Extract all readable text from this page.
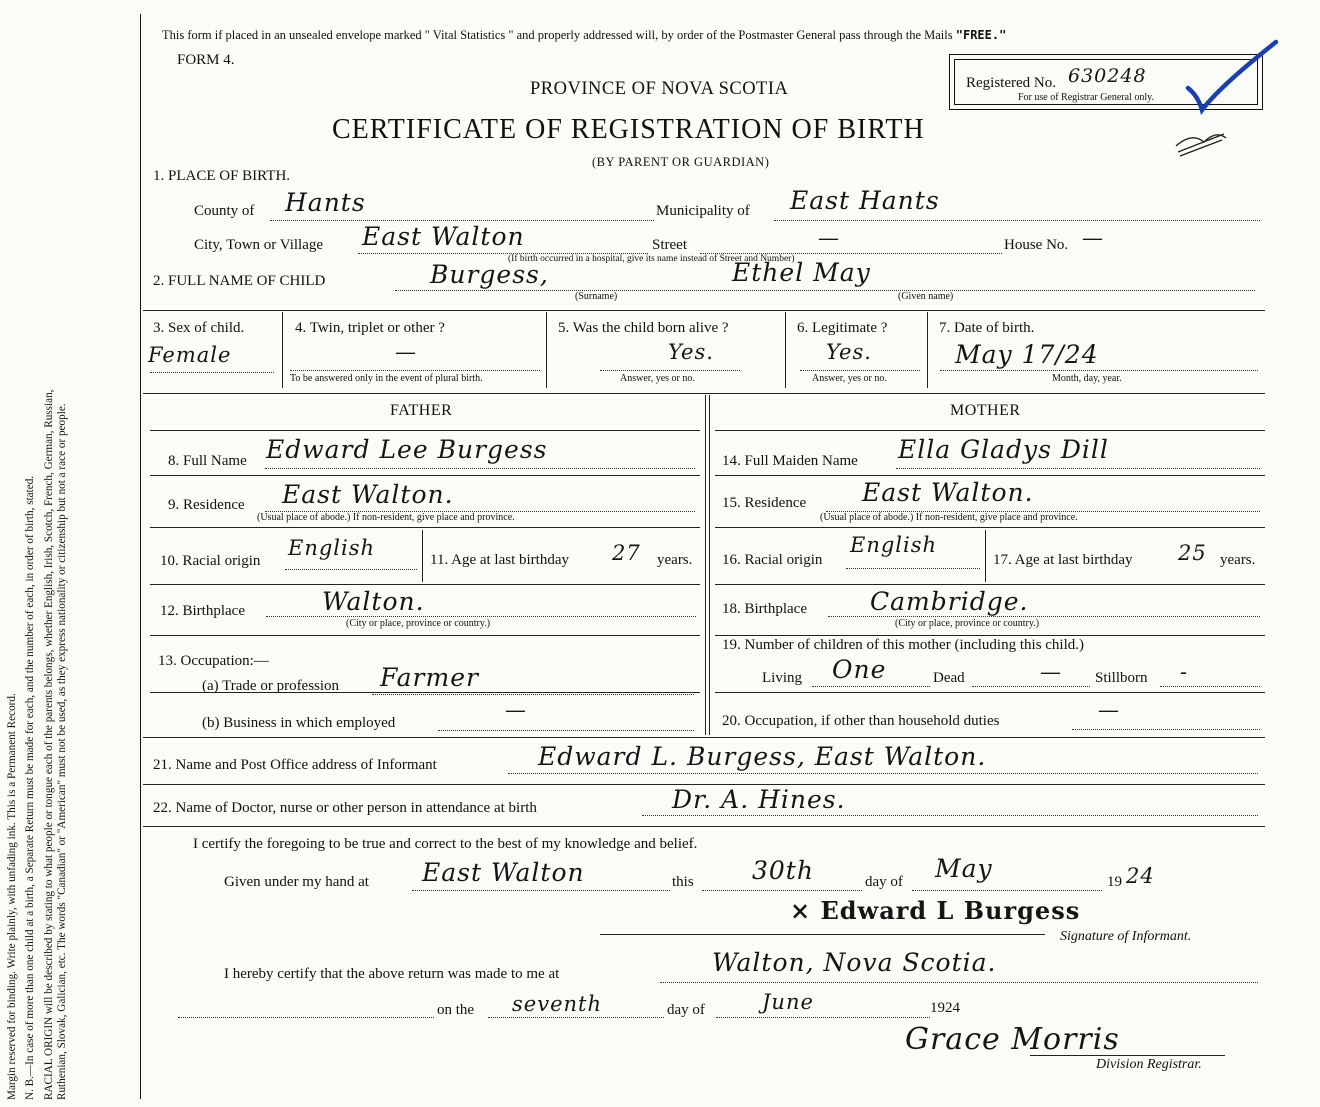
Margin reserved for binding. Write plainly, with unfading ink. This is a Permanent Record. N. B.—In case of more than one child at a birth, a Separate Return must be made for each, and the number of each, in order of birth, stated. RACIAL ORIGIN will be described by stating to what people or tongue each of the parents belongs, whether English, Irish, Scotch, French, German, Russian, Ruthenian, Slovak, Galician, etc. The words "Canadian" or "American" must not be used, as they express nationality or citizenship but not a race or people.
This form if placed in an unsealed envelope marked " Vital Statistics " and properly addressed will, by order of the Postmaster General pass through the Mails "FREE."
FORM 4.
PROVINCE OF NOVA SCOTIA
CERTIFICATE OF REGISTRATION OF BIRTH
(BY PARENT OR GUARDIAN)
Registered No. 630248
For use of Registrar General only.
1. PLACE OF BIRTH.
County of Hants	Municipality of East Hants
City, Town or Village East Walton	Street	—	House No. —
(If birth occurred in a hospital, give its name instead of Street and Number)
2. FULL NAME OF CHILD	Burgess,	Ethel May
(Surname)	(Given name)
3. Sex of child.
Female
4. Twin, triplet or other ?
—
To be answered only in the event of plural birth.
5. Was the child born alive ?
Yes.
Answer, yes or no.
6. Legitimate ?
Yes.
Answer, yes or no.
7. Date of birth.
May 17/24
Month, day, year.
FATHER	MOTHER
8. Full Name Edward Lee Burgess	14. Full Maiden Name Ella Gladys Dill
9. Residence East Walton.
(Usual place of abode.) If non-resident, give place and province.
15. Residence East Walton.
(Usual place of abode.) If non-resident, give place and province.
10. Racial origin
English	11. Age at last birthday 27 years. 16. Racial origin
English
17. Age at last birthday 25 years.
12. Birthplace	Walton.
(City or place, province or country.)
18. Birthplace	Cambridge.
(City or place, province or country.)
13. Occupation:—
(a) Trade or profession Farmer
(b) Business in which employed
—
19. Number of children of this mother (including this child.)
Living One	Dead	— Stillborn -
20. Occupation, if other than household duties	—
21. Name and Post Office address of Informant	Edward L. Burgess, East Walton.
22. Name of Doctor, nurse or other person in attendance at birth	Dr. A. Hines.
I certify the foregoing to be true and correct to the best of my knowledge and belief.
Given under my hand at East Walton	this 30th	day of May	19 24
× Edward L Burgess
Signature of Informant.
I hereby certify that the above return was made to me at	Walton, Nova Scotia.
on the seventh	day of	June	1924
Grace Morris
Division Registrar.
